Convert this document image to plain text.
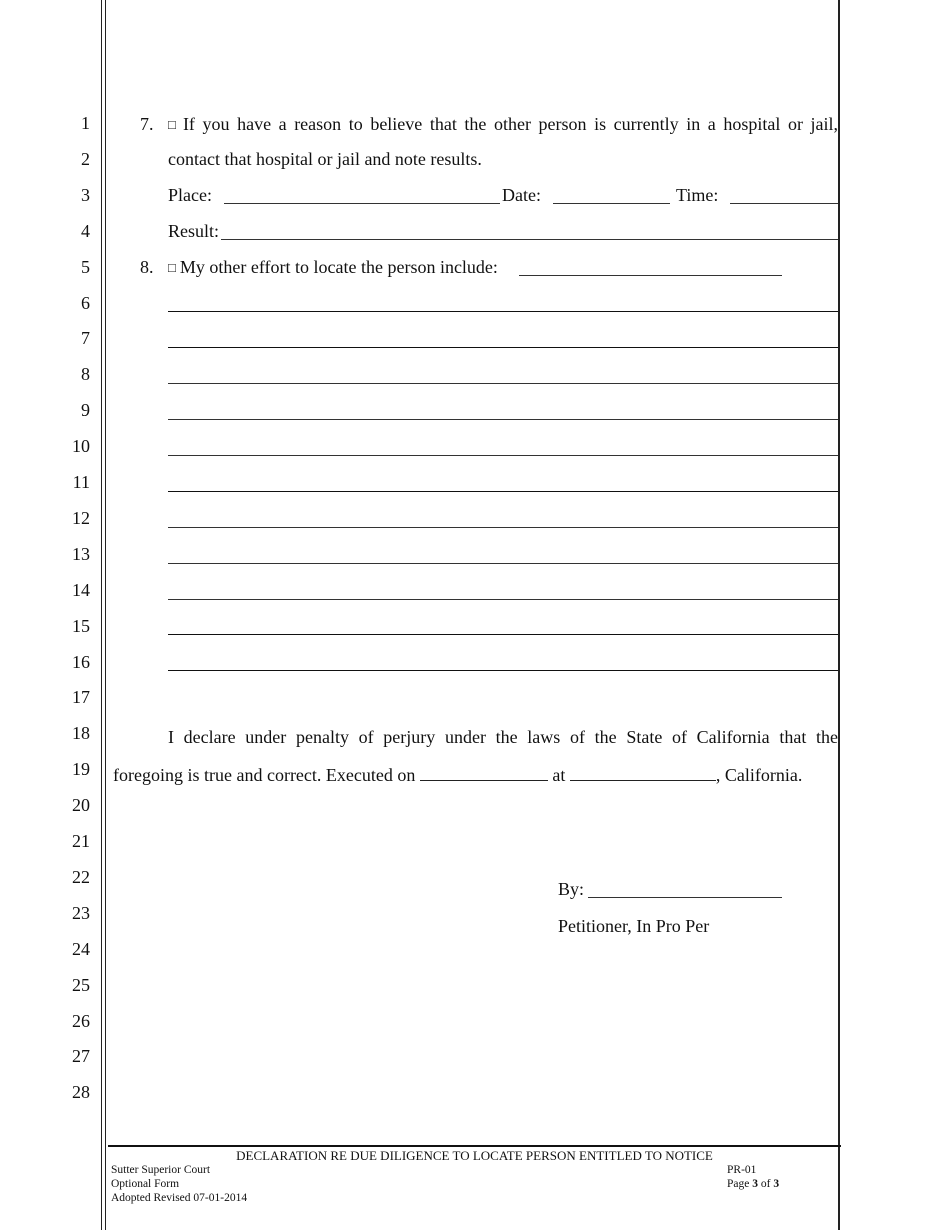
1
2
3
4
5
6
7
8
9
10
11
12
13
14
15
16
17
18
19
20
21
22
23
24
25
26
27
28
7. □ If you have a reason to believe that the other person is currently in a hospital or jail,
contact that hospital or jail and note results.
Place:	Date:	Time:
Result:
8. □ My other effort to locate the person include:
I declare under penalty of perjury under the laws of the State of California that the
foregoing is true and correct. Executed on	at	, California.
By:
Petitioner, In Pro Per
DECLARATION RE DUE DILIGENCE TO LOCATE PERSON ENTITLED TO NOTICE
Sutter Superior Court
Optional Form
Adopted Revised 07-01-2014
PR-01
Page 3 of 3
